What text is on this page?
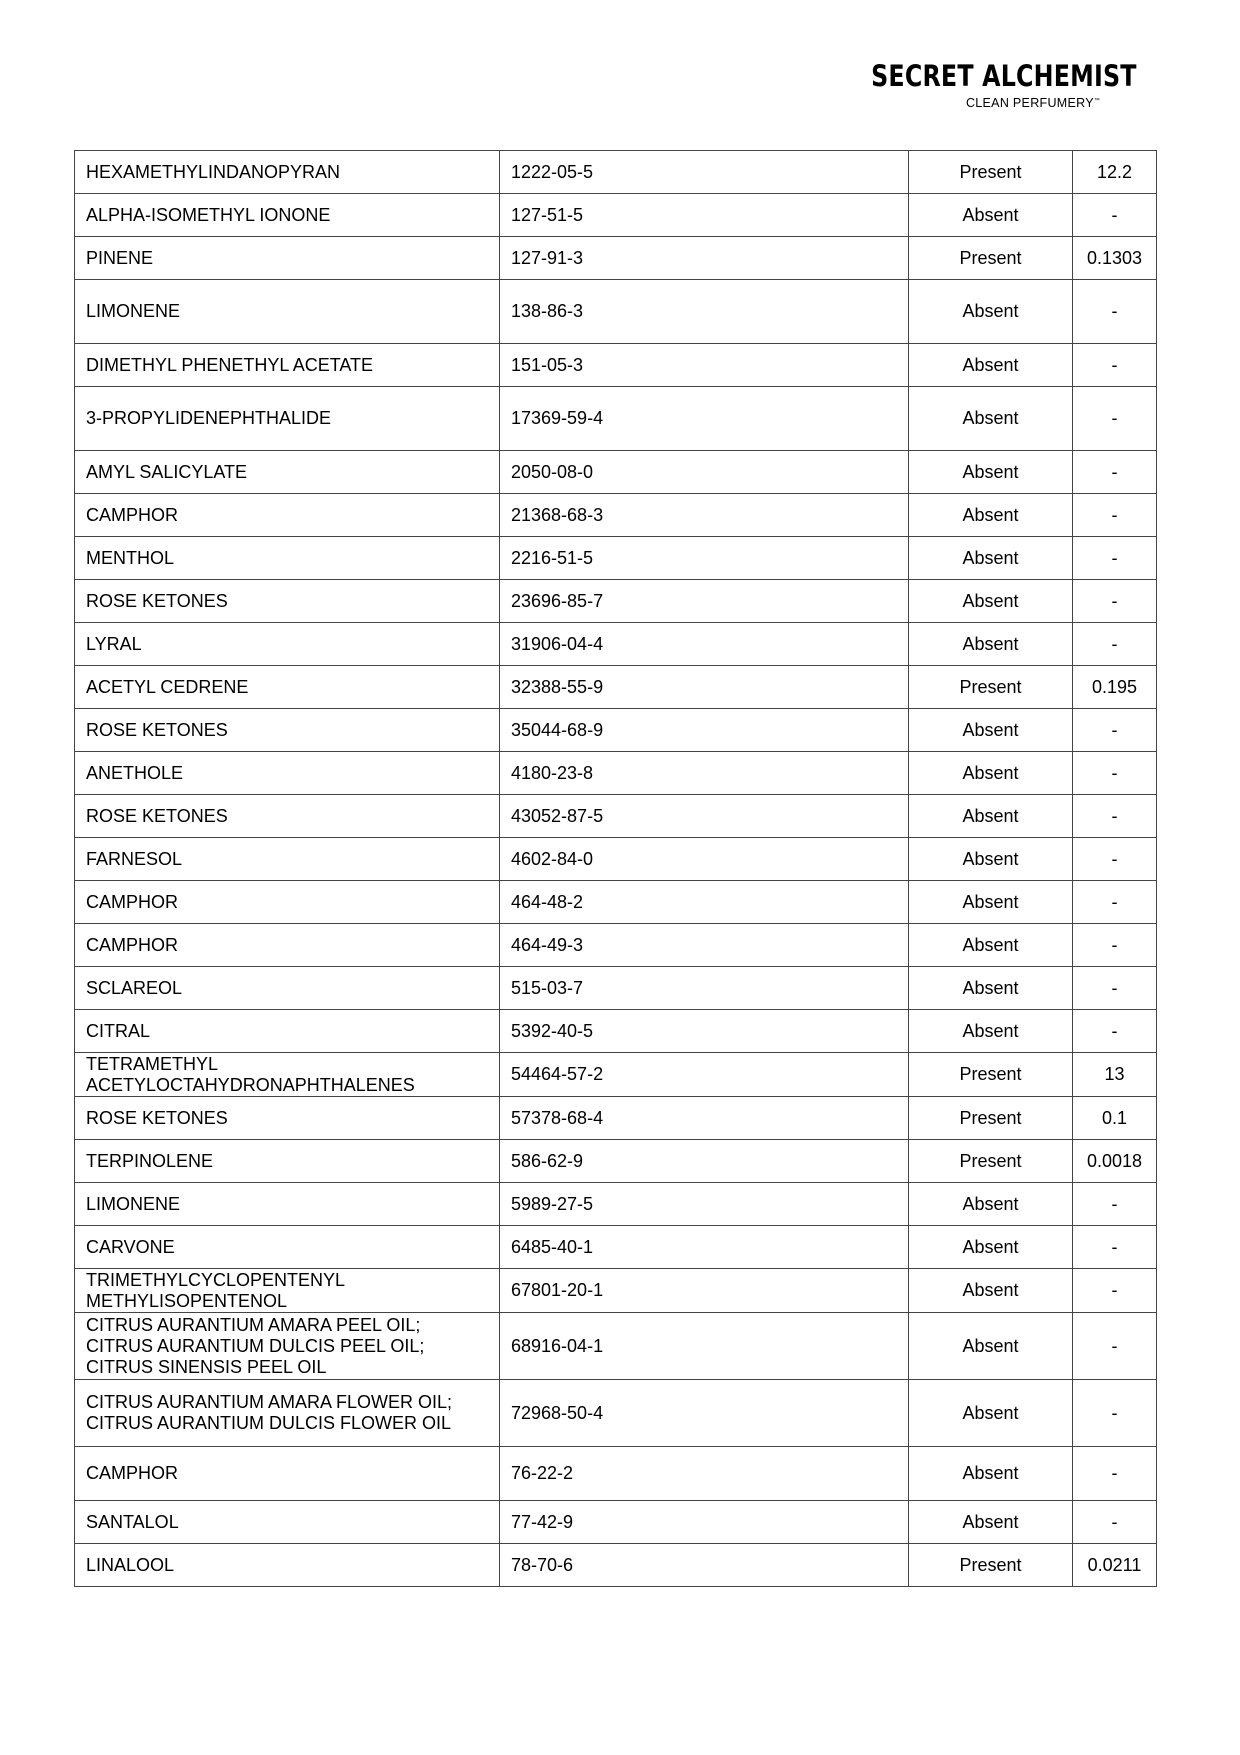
SECRET ALCHEMIST
CLEAN PERFUMERY™
HEXAMETHYLINDANOPYRAN	1222-05-5	Present	12.2
ALPHA-ISOMETHYL IONONE	127-51-5	Absent	-
PINENE	127-91-3	Present	0.1303
LIMONENE	138-86-3	Absent	-
DIMETHYL PHENETHYL ACETATE	151-05-3	Absent	-
3-PROPYLIDENEPHTHALIDE	17369-59-4	Absent	-
AMYL SALICYLATE	2050-08-0	Absent	-
CAMPHOR	21368-68-3	Absent	-
MENTHOL	2216-51-5	Absent	-
ROSE KETONES	23696-85-7	Absent	-
LYRAL	31906-04-4	Absent	-
ACETYL CEDRENE	32388-55-9	Present	0.195
ROSE KETONES	35044-68-9	Absent	-
ANETHOLE	4180-23-8	Absent	-
ROSE KETONES	43052-87-5	Absent	-
FARNESOL	4602-84-0	Absent	-
CAMPHOR	464-48-2	Absent	-
CAMPHOR	464-49-3	Absent	-
SCLAREOL	515-03-7	Absent	-
CITRAL	5392-40-5	Absent	-
TETRAMETHYL ACETYLOCTAHYDRONAPHTHALENES	54464-57-2	Present	13
ROSE KETONES	57378-68-4	Present	0.1
TERPINOLENE	586-62-9	Present	0.0018
LIMONENE	5989-27-5	Absent	-
CARVONE	6485-40-1	Absent	-
TRIMETHYLCYCLOPENTENYL METHYLISOPENTENOL	67801-20-1	Absent	-
CITRUS AURANTIUM AMARA PEEL OIL; CITRUS AURANTIUM DULCIS PEEL OIL; CITRUS SINENSIS PEEL OIL	68916-04-1	Absent	-
CITRUS AURANTIUM AMARA FLOWER OIL; CITRUS AURANTIUM DULCIS FLOWER OIL	72968-50-4	Absent	-
CAMPHOR	76-22-2	Absent	-
SANTALOL	77-42-9	Absent	-
LINALOOL	78-70-6	Present	0.0211
